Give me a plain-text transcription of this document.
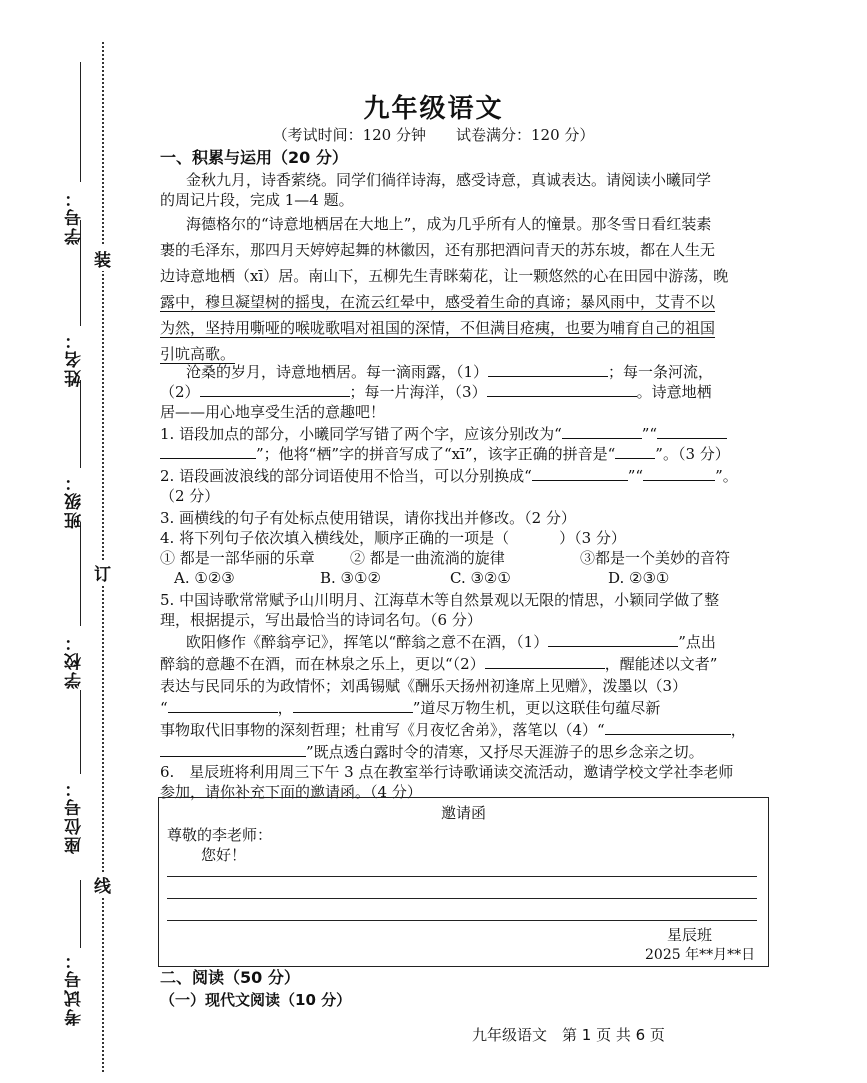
考试号：
座位号：
学校：
班级：
姓名：
学号：
装
订
线
九年级语文
（考试时间：120 分钟　　试卷满分：120 分）
一、积累与运用（20 分）
金秋九月，诗香萦绕。同学们徜徉诗海，感受诗意，真诚表达。请阅读小曦同学
的周记片段，完成 1—4 题。
海德格尔的“诗意地栖居在大地上”，成为几乎所有人的憧景。那冬雪日看红装素
裹的毛泽东，那四月天婷婷起舞的林徽因，还有那把酒问青天的苏东坡，都在人生无
边诗意地栖（xī）居。南山下，五柳先生青眯菊花，让一颗悠然的心在田园中游荡，晚
露中，穆旦凝望树的摇曳，在流云红晕中，感受着生命的真谛；暴风雨中，艾青不以
为然，坚持用嘶哑的喉咙歌唱对祖国的深情，不但满目疮痍，也要为哺育自己的祖国
引吭高歌。
沧桑的岁月，诗意地栖居。每一滴雨露，（1）	；每一条河流，
（2）	；每一片海洋，（3）	。诗意地栖
居——用心地享受生活的意趣吧！
1. 语段加点的部分，小曦同学写错了两个字，应该分别改为“	”“
”；他将“栖”字的拼音写成了“xī”，该字正确的拼音是“	”。（3 分）
2. 语段画波浪线的部分词语使用不恰当，可以分别换成“	”“	”。
（2 分）
3. 画横线的句子有处标点使用错误，请你找出并修改。（2 分）
4. 将下列句子依次填入横线处，顺序正确的一项是（	）（3 分）
① 都是一部华丽的乐章 ② 都是一曲流淌的旋律	③都是一个美妙的音符
A. ①②③	B. ③①②	C. ③②①	D. ②③①
5. 中国诗歌常常赋予山川明月、江海草木等自然景观以无限的情思，小颖同学做了整
理，根据提示，写出最恰当的诗词名句。（6 分）
欧阳修作《醉翁亭记》，挥笔以“醉翁之意不在酒，（1）	”点出
醉翁的意趣不在酒，而在林泉之乐上，更以“（2）	，醒能述以文者”
表达与民同乐的为政情怀；刘禹锡赋《酬乐天扬州初逢席上见赠》，泼墨以（3）
“	，	”道尽万物生机，更以这联佳句蕴尽新
事物取代旧事物的深刻哲理；杜甫写《月夜忆舍弟》，落笔以（4）“	，
”既点透白露时令的清寒，又抒尽天涯游子的思乡念亲之切。
6.　星辰班将利用周三下午 3 点在教室举行诗歌诵读交流活动，邀请学校文学社李老师
参加，请你补充下面的邀请函。（4 分）
邀请函
尊敬的李老师：
您好！
星辰班
2025 年**月**日
二、阅读（50 分）
（一）现代文阅读（10 分）
九年级语文　第 1 页 共 6 页
